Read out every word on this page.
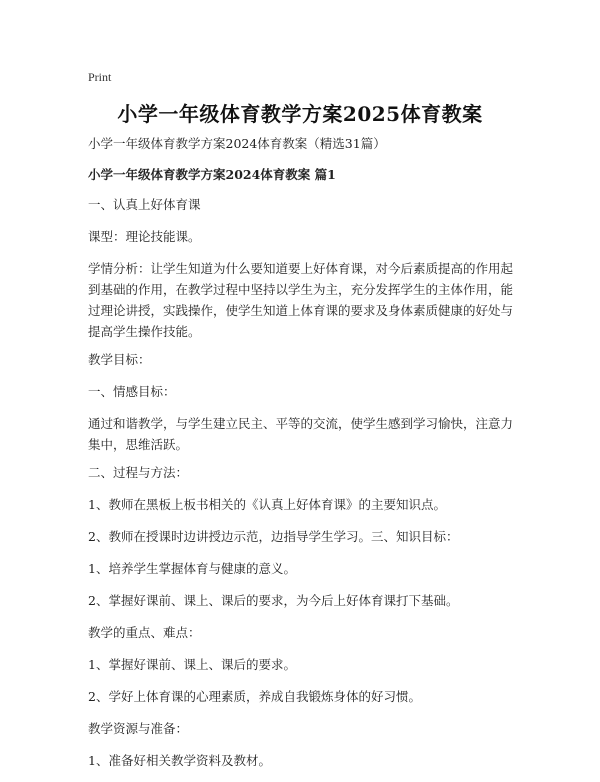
Print
小学一年级体育教学方案2025体育教案

小学一年级体育教学方案2024体育教案（精选31篇）

小学一年级体育教学方案2024体育教案 篇1

一、认真上好体育课

课型：理论技能课。

学情分析：让学生知道为什么要知道要上好体育课，对今后素质提高的作用起到基础的作用，在教学过程中坚持以学生为主，充分发挥学生的主体作用，能过理论讲授，实践操作，使学生知道上体育课的要求及身体素质健康的好处与提高学生操作技能。

教学目标：

一、情感目标：

通过和谐教学，与学生建立民主、平等的交流，使学生感到学习愉快，注意力集中，思维活跃。

二、过程与方法：

1、教师在黑板上板书相关的《认真上好体育课》的主要知识点。

2、教师在授课时边讲授边示范，边指导学生学习。三、知识目标：

1、培养学生掌握体育与健康的意义。

2、掌握好课前、课上、课后的要求，为今后上好体育课打下基础。

教学的重点、难点：

1、掌握好课前、课上、课后的要求。

2、学好上体育课的心理素质，养成自我锻炼身体的好习惯。

教学资源与准备：

1、准备好相关教学资料及教材。
